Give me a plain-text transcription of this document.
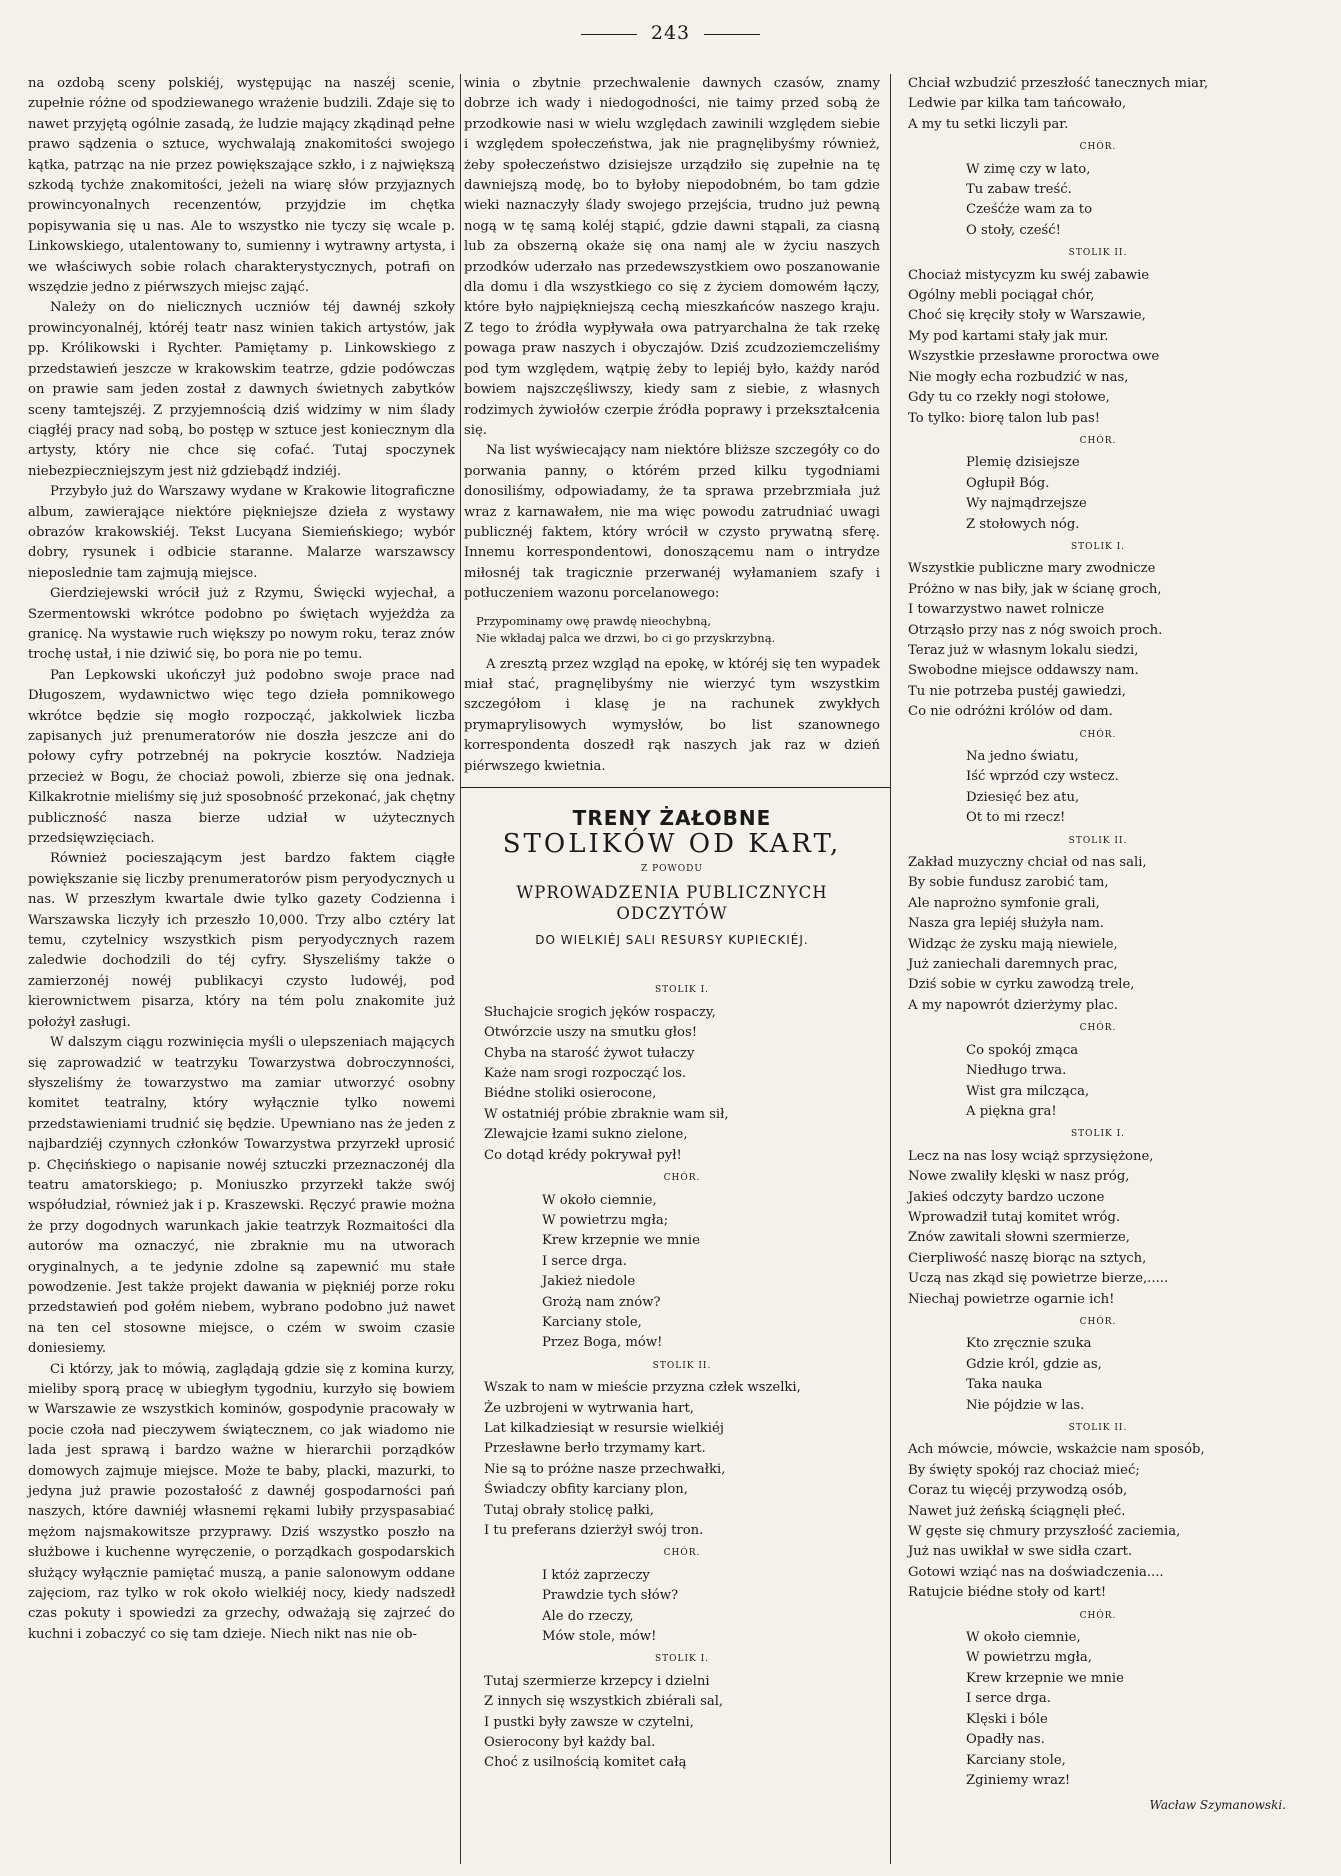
243

na ozdobą sceny polskiéj, występując na naszéj scenie, zupełnie różne od spodziewanego wrażenie budzili. Zdaje się to nawet przyjętą ogólnie zasadą, że ludzie mający zkądinąd pełne prawo sądzenia o sztuce, wychwalają znakomitości swojego kątka, patrząc na nie przez powiększające szkło, i z największą szkodą tychże znakomitości, jeżeli na wiarę słów przyjaznych prowincyonalnych recenzentów, przyjdzie im chętka popisywania się u nas. Ale to wszystko nie tyczy się wcale p. Linkowskiego, utalentowany to, sumienny i wytrawny artysta, i we właściwych sobie rolach charakterystycznych, potrafi on wszędzie jedno z piérwszych miejsc zająć.

Należy on do nielicznych uczniów téj dawnéj szkoły prowincyonalnéj, któréj teatr nasz winien takich artystów, jak pp. Królikowski i Rychter. Pamiętamy p. Linkowskiego z przedstawień jeszcze w krakowskim teatrze, gdzie podówczas on prawie sam jeden został z dawnych świetnych zabytków sceny tamtejszéj. Z przyjemnością dziś widzimy w nim ślady ciągłéj pracy nad sobą, bo postęp w sztuce jest koniecznym dla artysty, który nie chce się cofać. Tutaj spoczynek niebezpieczniejszym jest niż gdziebądź indziéj.

Przybyło już do Warszawy wydane w Krakowie litograficzne album, zawierające niektóre piękniejsze dzieła z wystawy obrazów krakowskiéj. Tekst Lucyana Siemieńskiego; wybór dobry, rysunek i odbicie staranne. Malarze warszawscy nieposlednie tam zajmują miejsce.

Gierdziejewski wrócił już z Rzymu, Święcki wyjechał, a Szermentowski wkrótce podobno po świętach wyjeżdża za granicę. Na wystawie ruch większy po nowym roku, teraz znów trochę ustał, i nie dziwić się, bo pora nie po temu.

Pan Lepkowski ukończył już podobno swoje prace nad Długoszem, wydawnictwo więc tego dzieła pomnikowego wkrótce będzie się mogło rozpocząć, jakkolwiek liczba zapisanych już prenumeratorów nie doszła jeszcze ani do połowy cyfry potrzebnéj na pokrycie kosztów. Nadzieja przecież w Bogu, że chociaż powoli, zbierze się ona jednak. Kilkakrotnie mieliśmy się już sposobność przekonać, jak chętny publiczność nasza bierze udział w użytecznych przedsięwzięciach.

Również pocieszającym jest bardzo faktem ciągłe powiększanie się liczby prenumeratorów pism peryodycznych u nas. W przeszłym kwartale dwie tylko gazety Codzienna i Warszawska liczyły ich przeszło 10,000. Trzy albo cztéry lat temu, czytelnicy wszystkich pism peryodycznych razem zaledwie dochodzili do téj cyfry. Słyszeliśmy także o zamierzonéj nowéj publikacyi czysto ludowéj, pod kierownictwem pisarza, który na tém polu znakomite już położył zasługi.

W dalszym ciągu rozwinięcia myśli o ulepszeniach mających się zaprowadzić w teatrzyku Towarzystwa dobroczynności, słyszeliśmy że towarzystwo ma zamiar utworzyć osobny komitet teatralny, który wyłącznie tylko nowemi przedstawieniami trudnić się będzie. Upewniano nas że jeden z najbardziéj czynnych członków Towarzystwa przyrzekł uprosić p. Chęcińskiego o napisanie nowéj sztuczki przeznaczonéj dla teatru amatorskiego; p. Moniuszko przyrzekł także swój współudział, również jak i p. Kraszewski. Ręczyć prawie można że przy dogodnych warunkach jakie teatrzyk Rozmaitości dla autorów ma oznaczyć, nie zbraknie mu na utworach oryginalnych, a te jedynie zdolne są zapewnić mu stałe powodzenie. Jest także projekt dawania w piękniéj porze roku przedstawień pod gołém niebem, wybrano podobno już nawet na ten cel stosowne miejsce, o czém w swoim czasie doniesiemy.

Ci którzy, jak to mówią, zaglądają gdzie się z komina kurzy, mieliby sporą pracę w ubiegłym tygodniu, kurzyło się bowiem w Warszawie ze wszystkich kominów, gospodynie pracowały w pocie czoła nad pieczywem świątecznem, co jak wiadomo nie lada jest sprawą i bardzo ważne w hierarchii porządków domowych zajmuje miejsce. Może te baby, placki, mazurki, to jedyna już prawie pozostałość z dawnéj gospodarności pań naszych, które dawniéj własnemi rękami lubiły przyspasabiać mężom najsmakowitsze przyprawy. Dziś wszystko poszło na służbowe i kuchenne wyręczenie, o porządkach gospodarskich służący wyłącznie pamiętać muszą, a panie salonowym oddane zajęciom, raz tylko w rok około wielkiéj nocy, kiedy nadszedł czas pokuty i spowiedzi za grzechy, odważają się zajrzeć do kuchni i zobaczyć co się tam dzieje. Niech nikt nas nie ob-

winia o zbytnie przechwalenie dawnych czasów, znamy dobrze ich wady i niedogodności, nie taimy przed sobą że przodkowie nasi w wielu względach zawinili względem siebie i względem społeczeństwa, jak nie pragnęlibyśmy również, żeby społeczeństwo dzisiejsze urządziło się zupełnie na tę dawniejszą modę, bo to byłoby niepodobném, bo tam gdzie wieki naznaczyły ślady swojego przejścia, trudno już pewną nogą w tę samą koléj stąpić, gdzie dawni stąpali, za ciasną lub za obszerną okaże się ona namj ale w życiu naszych przodków uderzało nas przedewszystkiem owo poszanowanie dla domu i dla wszystkiego co się z życiem domowém łączy, które było najpiękniejszą cechą mieszkańców naszego kraju. Z tego to źródła wypływała owa patryarchalna że tak rzekę powaga praw naszych i obyczajów. Dziś zcudzoziemczeliśmy pod tym względem, wątpię żeby to lepiéj było, każdy naród bowiem najszczęśliwszy, kiedy sam z siebie, z własnych rodzimych żywiołów czerpie źródła poprawy i przekształcenia się.

Na list wyświecający nam niektóre bliższe szczegóły co do porwania panny, o którém przed kilku tygodniami donosiliśmy, odpowiadamy, że ta sprawa przebrzmiała już wraz z karnawałem, nie ma więc powodu zatrudniać uwagi publicznéj faktem, który wrócił w czysto prywatną sferę. Innemu korrespondentowi, donoszącemu nam o intrydze miłosnéj tak tragicznie przerwanéj wyłamaniem szafy i potłuczeniem wazonu porcelanowego:

Przypominamy owę prawdę nieochybną,
Nie wkładaj palca we drzwi, bo ci go przyskrzybną.

A zresztą przez wzgląd na epokę, w któréj się ten wypadek miał stać, pragnęlibyśmy nie wierzyć tym wszystkim szczegółom i klasę je na rachunek zwykłych prymaprylisowych wymysłów, bo list szanownego korrespondenta doszedł rąk naszych jak raz w dzień piérwszego kwietnia.

TRENY ŻAŁOBNE
STOLIKÓW OD KART,
Z POWODU
WPROWADZENIA PUBLICZNYCH ODCZYTÓW
DO WIELKIÉJ SALI RESURSY KUPIECKIÉJ.
STOLIK I.
Słuchajcie srogich jęków rospaczy,
Otwórzcie uszy na smutku głos!
Chyba na starość żywot tułaczy
Każe nam srogi rozpocząć los.
Biédne stoliki osierocone,
W ostatniéj próbie zbraknie wam sił,
Zlewajcie łzami sukno zielone,
Co dotąd krédy pokrywał pył!
CHÓR.
W około ciemnie,
W powietrzu mgła;
Krew krzepnie we mnie
I serce drga.
Jakież niedole
Grożą nam znów?
Karciany stole,
Przez Boga, mów!
STOLIK II.
Wszak to nam w mieście przyzna człek wszelki,
Że uzbrojeni w wytrwania hart,
Lat kilkadziesiąt w resursie wielkiéj
Przesławne berło trzymamy kart.
Nie są to próżne nasze przechwałki,
Świadczy obfity karciany plon,
Tutaj obrały stolicę pałki,
I tu preferans dzierżył swój tron.
CHÓR.
I któż zaprzeczy
Prawdzie tych słów?
Ale do rzeczy,
Mów stole, mów!
STOLIK I.
Tutaj szermierze krzepcy i dzielni
Z innych się wszystkich zbiérali sal,
I pustki były zawsze w czytelni,
Osierocony był każdy bal.
Choć z usilnością komitet całą
Chciał wzbudzić przeszłość tanecznych miar,
Ledwie par kilka tam tańcowało,
A my tu setki liczyli par.
CHÓR.
W zimę czy w lato,
Tu zabaw treść.
Cześćże wam za to
O stoły, cześć!
STOLIK II.
Chociaż mistycyzm ku swéj zabawie
Ogólny mebli pociągał chór,
Choć się kręciły stoły w Warszawie,
My pod kartami stały jak mur.
Wszystkie przesławne proroctwa owe
Nie mogły echa rozbudzić w nas,
Gdy tu co rzekły nogi stołowe,
To tylko: biorę talon lub pas!
CHÓR.
Plemię dzisiejsze
Ogłupił Bóg.
Wy najmądrzejsze
Z stołowych nóg.
STOLIK I.
Wszystkie publiczne mary zwodnicze
Próżno w nas biły, jak w ścianę groch,
I towarzystwo nawet rolnicze
Otrząsło przy nas z nóg swoich proch.
Teraz już w własnym lokalu siedzi,
Swobodne miejsce oddawszy nam.
Tu nie potrzeba pustéj gawiedzi,
Co nie odróżni królów od dam.
CHÓR.
Na jedno światu,
Iść wprzód czy wstecz.
Dziesięć bez atu,
Ot to mi rzecz!
STOLIK II.
Zakład muzyczny chciał od nas sali,
By sobie fundusz zarobić tam,
Ale naprożno symfonie grali,
Nasza gra lepiéj służyła nam.
Widząc że zysku mają niewiele,
Już zaniechali daremnych prac,
Dziś sobie w cyrku zawodzą trele,
A my napowrót dzierżymy plac.
CHÓR.
Co spokój zmąca
Niedługo trwa.
Wist gra milcząca,
A piękna gra!
STOLIK I.
Lecz na nas losy wciąż sprzysiężone,
Nowe zwaliły klęski w nasz próg,
Jakieś odczyty bardzo uczone
Wprowadził tutaj komitet wróg.
Znów zawitali słowni szermierze,
Cierpliwość naszę biorąc na sztych,
Uczą nas zkąd się powietrze bierze,.....
Niechaj powietrze ogarnie ich!
CHÓR.
Kto zręcznie szuka
Gdzie król, gdzie as,
Taka nauka
Nie pójdzie w las.
STOLIK II.
Ach mówcie, mówcie, wskażcie nam sposób,
By święty spokój raz chociaż mieć;
Coraz tu więcéj przywodzą osób,
Nawet już żeńską ściągnęli płeć.
W gęste się chmury przyszłość zaciemia,
Już nas uwikłał w swe sidła czart.
Gotowi wziąć nas na doświadczenia....
Ratujcie biédne stoły od kart!
CHÓR.
W około ciemnie,
W powietrzu mgła,
Krew krzepnie we mnie
I serce drga.
Klęski i bóle
Opadły nas.
Karciany stole,
Zginiemy wraz!
Wacław Szymanowski.
